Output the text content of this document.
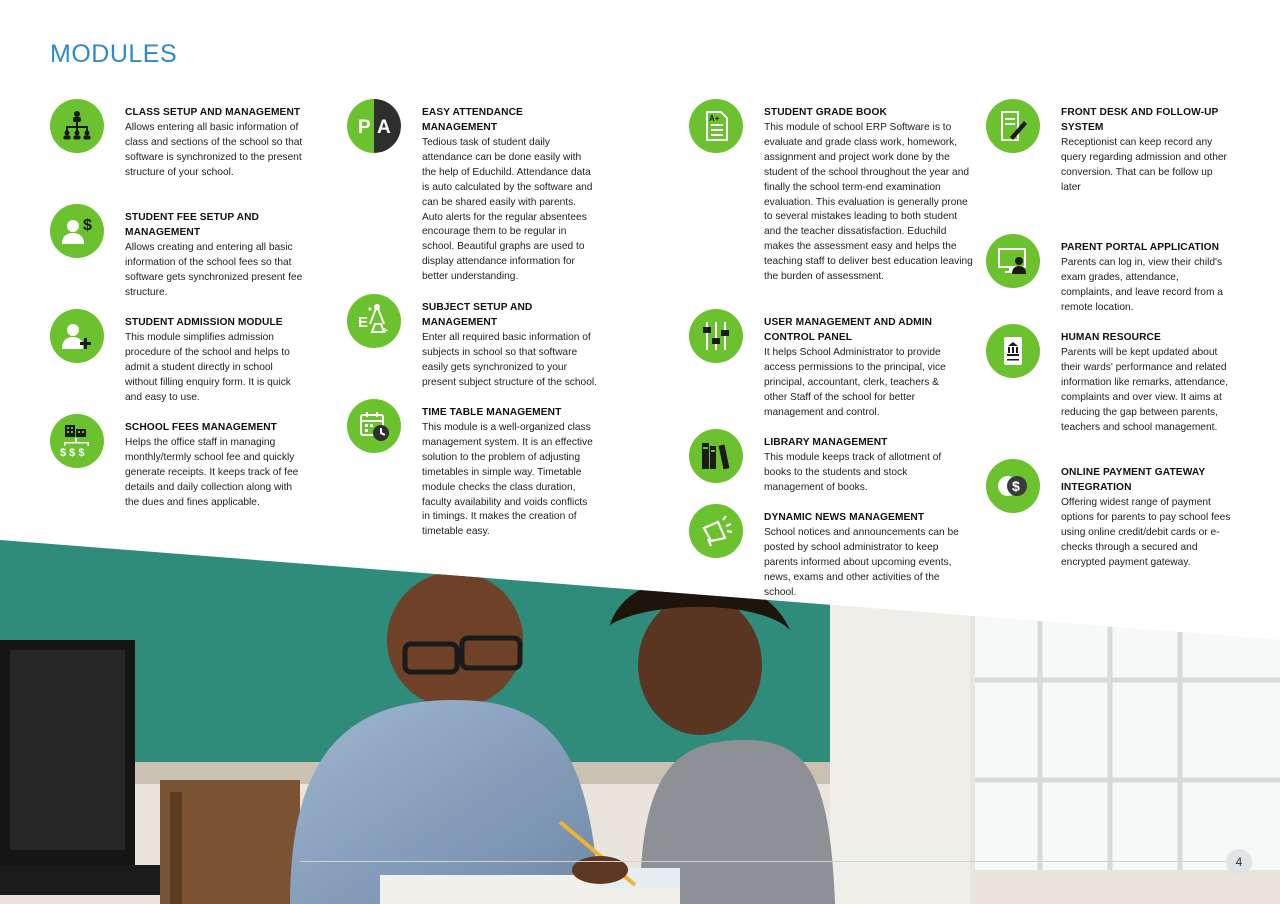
MODULES
CLASS SETUP AND MANAGEMENT

Allows entering all basic information of class and sections of the school so that software is synchronized to the present structure of your school.

$	STUDENT FEE SETUP AND MANAGEMENT

Allows creating and entering all basic information of the school fees so that software gets synchronized present fee structure.

STUDENT ADMISSION MODULE

This module simplifies admission procedure of the school and helps to admit a student directly in school without filling enquiry form. It is quick and easy to use.

$ $ $
SCHOOL FEES MANAGEMENT

Helps the office staff in managing monthly/termly school fee and quickly generate receipts. It keeps track of fee details and daily collection along with the dues and fines applicable.

P A
EASY ATTENDANCE MANAGEMENT

Tedious task of student daily attendance can be done easily with the help of Educhild. Attendance data is auto calculated by the software and can be shared easily with parents. Auto alerts for the regular absentees encourage them to be regular in school. Beautiful graphs are used to display attendance information for better understanding.

E
+
*	SUBJECT SETUP AND MANAGEMENT

Enter all required basic information of subjects in school so that software easily gets synchronized to your present subject structure of the school.

TIME TABLE MANAGEMENT

This module is a well-organized class management system. It is an effective solution to the problem of adjusting timetables in simple way. Timetable module checks the class duration, faculty availability and voids conflicts in timings. It makes the creation of timetable easy.

A+
STUDENT GRADE BOOK

This module of school ERP Software is to evaluate and grade class work, homework, assignment and project work done by the student of the school throughout the year and finally the school term-end examination evaluation. This evaluation is generally prone to several mistakes leading to both student and the teacher dissatisfaction. Educhild makes the assessment easy and helps the teaching staff to deliver best education leaving the burden of assessment.

USER MANAGEMENT AND ADMIN CONTROL PANEL

It helps School Administrator to provide access permissions to the principal, vice principal, accountant, clerk, teachers & other Staff of the school for better management and control.

LIBRARY MANAGEMENT

This module keeps track of allotment of books to the students and stock management of books.

DYNAMIC NEWS MANAGEMENT

School notices and announcements can be posted by school administrator to keep parents informed about upcoming events, news, exams and other activities of the school.

FRONT DESK AND FOLLOW-UP SYSTEM

Receptionist can keep record any query regarding admission and other conversion. That can be follow up later

PARENT PORTAL APPLICATION

Parents can log in, view their child's exam grades, attendance, complaints, and leave record from a remote location.

HUMAN RESOURCE

Parents will be kept updated about their wards' performance and related information like remarks, attendance, complaints and over view. It aims at reducing the gap between parents, teachers and school management.

$
ONLINE PAYMENT GATEWAY INTEGRATION

Offering widest range of payment options for parents to pay school fees using online credit/debit cards or e-checks through a secured and encrypted payment gateway.

4
